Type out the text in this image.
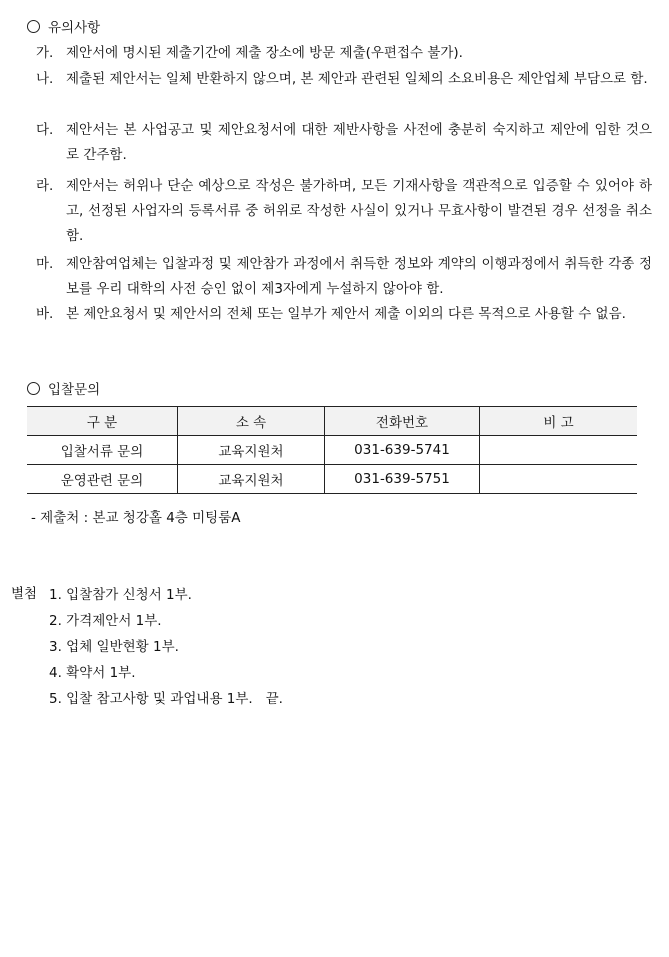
유의사항
가. 제안서에 명시된 제출기간에 제출 장소에 방문 제출(우편접수 불가).
나. 제출된 제안서는 일체 반환하지 않으며, 본 제안과 관련된 일체의 소요비용은 제안업체 부담으로 함.
다. 제안서는 본 사업공고 및 제안요청서에 대한 제반사항을 사전에 충분히 숙지하고 제안에 임한 것으로 간주함.
라. 제안서는 허위나 단순 예상으로 작성은 불가하며, 모든 기재사항을 객관적으로 입증할 수 있어야 하고, 선정된 사업자의 등록서류 중 허위로 작성한 사실이 있거나 무효사항이 발견된 경우 선정을 취소함.
마. 제안참여업체는 입찰과정 및 제안참가 과정에서 취득한 정보와 계약의 이행과정에서 취득한 각종 정보를 우리 대학의 사전 승인 없이 제3자에게 누설하지 않아야 함.
바. 본 제안요청서 및 제안서의 전체 또는 일부가 제안서 제출 이외의 다른 목적으로 사용할 수 없음.
입찰문의
구 분	소 속	전화번호	비 고
입찰서류 문의	교육지원처	031-639-5741	
운영관련 문의	교육지원처	031-639-5751	
- 제출처 : 본교 청강홀 4층 미팅룸A
별첨 1. 입찰참가 신청서 1부.
2. 가격제안서 1부.
3. 업체 일반현황 1부.
4. 확약서 1부.
5. 입찰 참고사항 및 과업내용 1부.   끝.
